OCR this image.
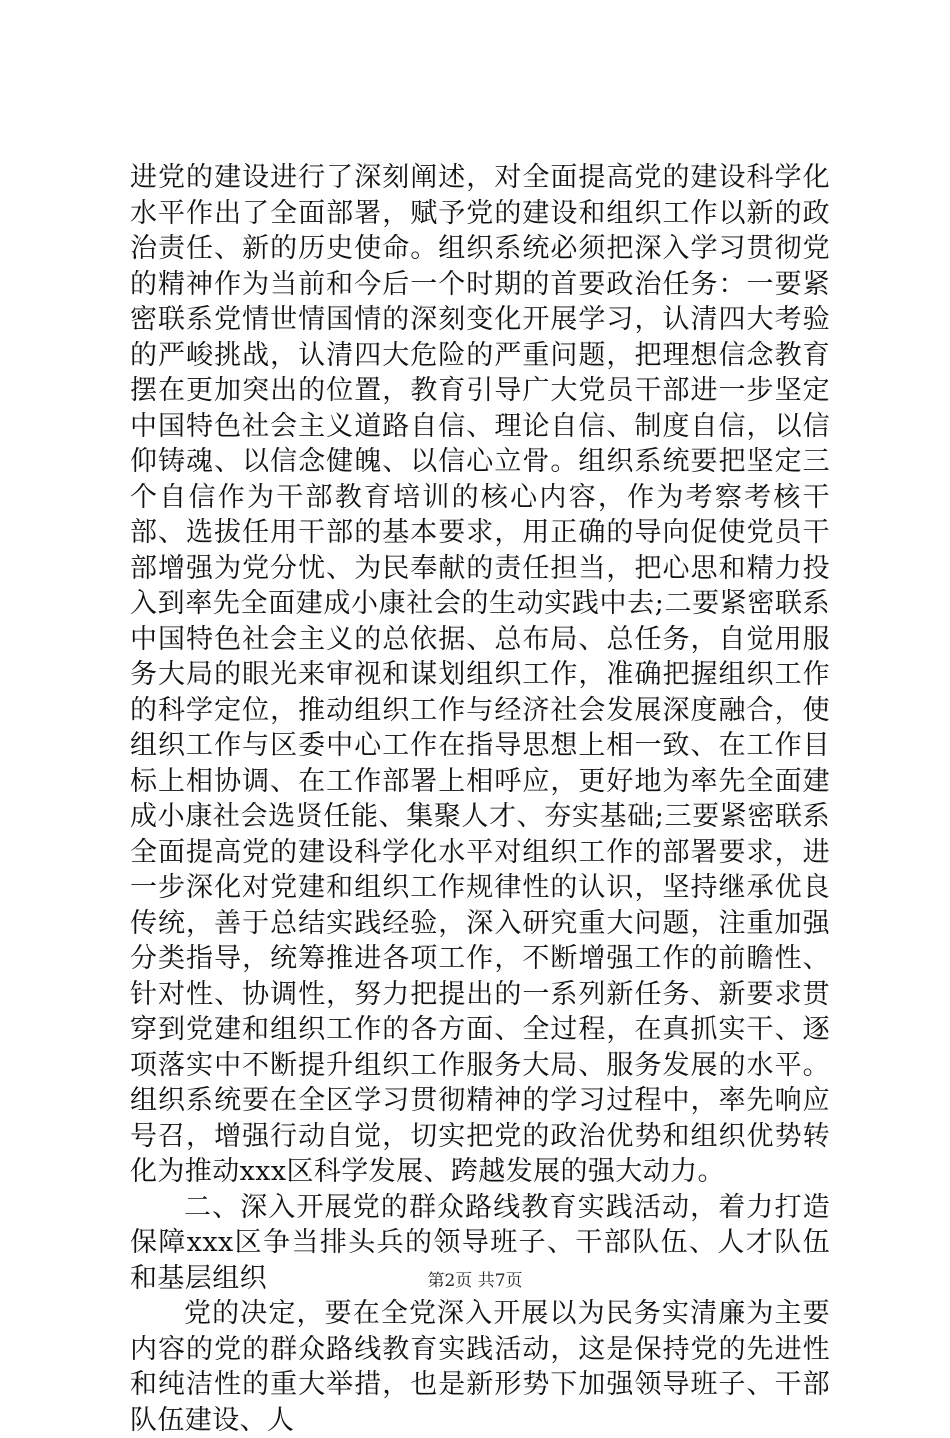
进党的建设进行了深刻阐述，对全面提高党的建设科学化水平作出了全面部署，赋予党的建设和组织工作以新的政治责任、新的历史使命。组织系统必须把深入学习贯彻党的精神作为当前和今后一个时期的首要政治任务：一要紧密联系党情世情国情的深刻变化开展学习，认清四大考验的严峻挑战，认清四大危险的严重问题，把理想信念教育摆在更加突出的位置，教育引导广大党员干部进一步坚定中国特色社会主义道路自信、理论自信、制度自信，以信仰铸魂、以信念健魄、以信心立骨。组织系统要把坚定三个自信作为干部教育培训的核心内容，作为考察考核干部、选拔任用干部的基本要求，用正确的导向促使党员干部增强为党分忧、为民奉献的责任担当，把心思和精力投入到率先全面建成小康社会的生动实践中去;二要紧密联系中国特色社会主义的总依据、总布局、总任务，自觉用服务大局的眼光来审视和谋划组织工作，准确把握组织工作的科学定位，推动组织工作与经济社会发展深度融合，使组织工作与区委中心工作在指导思想上相一致、在工作目标上相协调、在工作部署上相呼应，更好地为率先全面建成小康社会选贤任能、集聚人才、夯实基础;三要紧密联系全面提高党的建设科学化水平对组织工作的部署要求，进一步深化对党建和组织工作规律性的认识，坚持继承优良传统，善于总结实践经验，深入研究重大问题，注重加强分类指导，统筹推进各项工作，不断增强工作的前瞻性、针对性、协调性，努力把提出的一系列新任务、新要求贯穿到党建和组织工作的各方面、全过程，在真抓实干、逐项落实中不断提升组织工作服务大局、服务发展的水平。组织系统要在全区学习贯彻精神的学习过程中，率先响应号召，增强行动自觉，切实把党的政治优势和组织优势转化为推动xxx区科学发展、跨越发展的强大动力。

二、深入开展党的群众路线教育实践活动，着力打造保障xxx区争当排头兵的领导班子、干部队伍、人才队伍和基层组织

党的决定，要在全党深入开展以为民务实清廉为主要内容的党的群众路线教育实践活动，这是保持党的先进性和纯洁性的重大举措，也是新形势下加强领导班子、干部队伍建设、人

第2页 共7页
